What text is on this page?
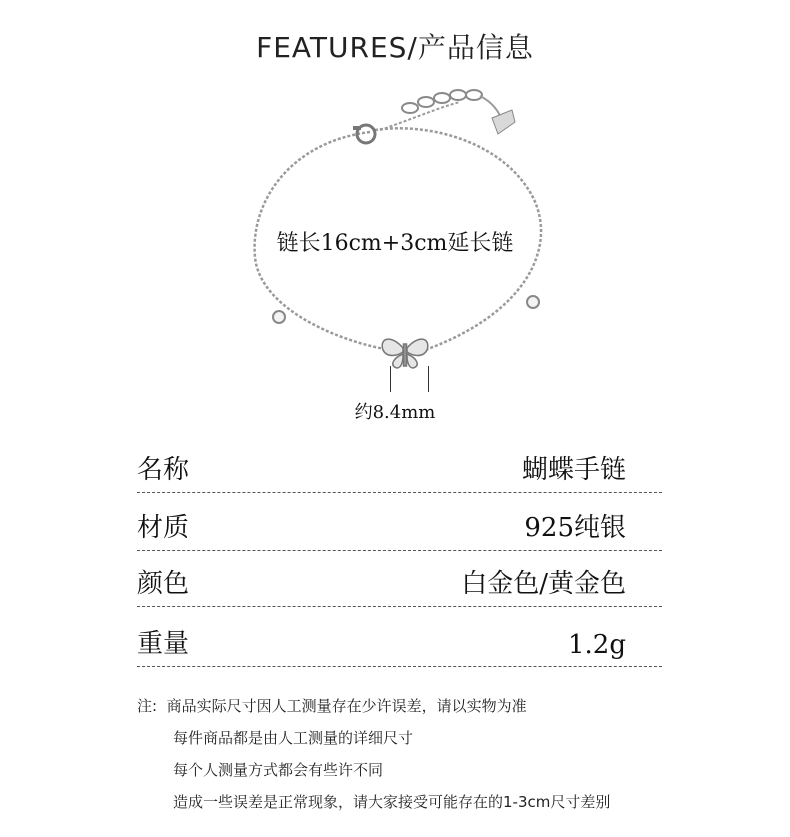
FEATURES/产品信息
链长16cm+3cm延长链
约8.4mm
名称	蝴蝶手链
材质	925纯银
颜色	白金色/黄金色
重量	1.2g
注: 商品实际尺寸因人工测量存在少许误差，请以实物为准
每件商品都是由人工测量的详细尺寸
每个人测量方式都会有些许不同
造成一些误差是正常现象，请大家接受可能存在的1-3cm尺寸差别
